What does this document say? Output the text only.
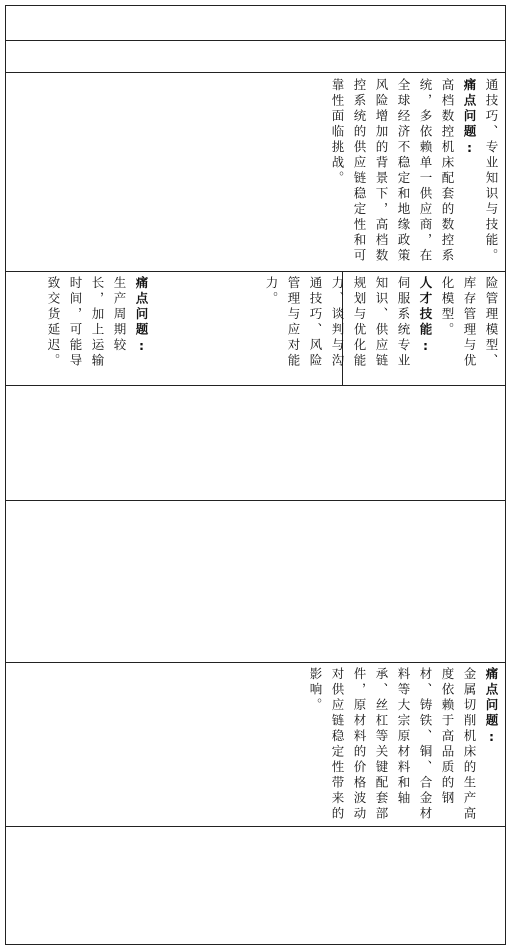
通技巧、专业知识与技能。
痛点问题:
高档数控机床配套的数控系统，多依赖单一供应商，在全球经济不稳定和地缘政策风险增加的背景下，高档数控系统的供应链稳定性和可靠性面临挑战。
险管理模型、库存管理与优化模型。
人才技能:
伺服系统专业知识、供应链规划与优化能力、谈判与沟通技巧、风险管理与应对能力。
痛点问题:
生产周期较长，加上运输时间，可能导致交货延迟。
痛点问题:
金属切削机床的生产高度依赖于高品质的钢材、铸铁、铜、合金材料等大宗原材料和轴承、丝杠等关键配套部件，原材料的价格波动对供应链稳定性带来的影响。
